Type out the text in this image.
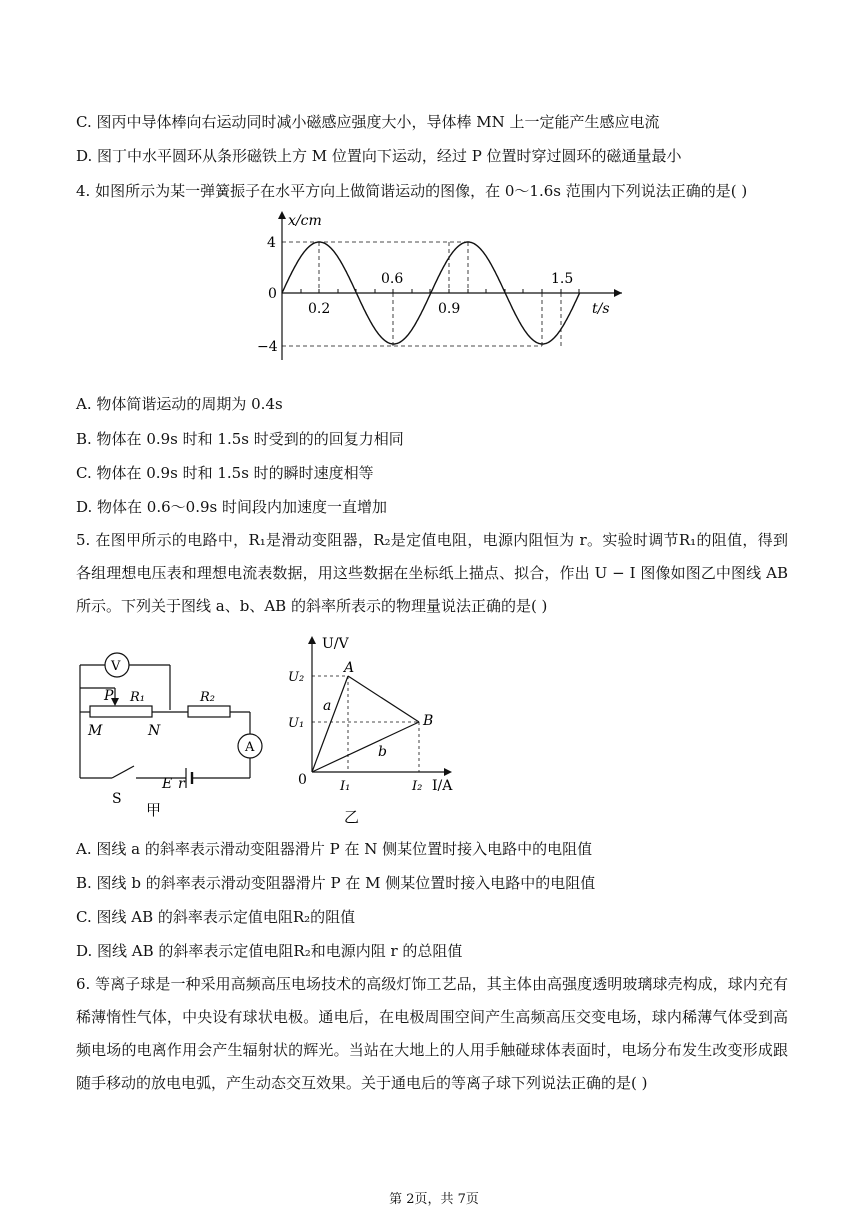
C. 图丙中导体棒向右运动同时减小磁感应强度大小，导体棒 MN 上一定能产生感应电流
D. 图丁中水平圆环从条形磁铁上方 M 位置向下运动，经过 P 位置时穿过圆环的磁通量最小
4. 如图所示为某一弹簧振子在水平方向上做简谐运动的图像，在 0～1.6s 范围内下列说法正确的是( )
x/cm
t/s
0
4
−4
0.2
0.6
0.9
1.5
A. 物体简谐运动的周期为 0.4s
B. 物体在 0.9s 时和 1.5s 时受到的的回复力相同
C. 物体在 0.9s 时和 1.5s 时的瞬时速度相等
D. 物体在 0.6～0.9s 时间段内加速度一直增加
5. 在图甲所示的电路中，R₁是滑动变阻器，R₂是定值电阻，电源内阻恒为 r。实验时调节R₁的阻值，得到各组理想电压表和理想电流表数据，用这些数据在坐标纸上描点、拟合，作出 U − I 图像如图乙中图线 AB 所示。下列关于图线 a、b、AB 的斜率所表示的物理量说法正确的是( )
V
A
P R₁	R₂
M	N
E r
S
甲
U/V
I/A
0
U₂
U₁
I₁	I₂
A
B
a
b
乙
A. 图线 a 的斜率表示滑动变阻器滑片 P 在 N 侧某位置时接入电路中的电阻值
B. 图线 b 的斜率表示滑动变阻器滑片 P 在 M 侧某位置时接入电路中的电阻值
C. 图线 AB 的斜率表示定值电阻R₂的阻值
D. 图线 AB 的斜率表示定值电阻R₂和电源内阻 r 的总阻值
6. 等离子球是一种采用高频高压电场技术的高级灯饰工艺品，其主体由高强度透明玻璃球壳构成，球内充有稀薄惰性气体，中央设有球状电极。通电后，在电极周围空间产生高频高压交变电场，球内稀薄气体受到高频电场的电离作用会产生辐射状的辉光。当站在大地上的人用手触碰球体表面时，电场分布发生改变形成跟随手移动的放电电弧，产生动态交互效果。关于通电后的等离子球下列说法正确的是( )
第 2页，共 7页
